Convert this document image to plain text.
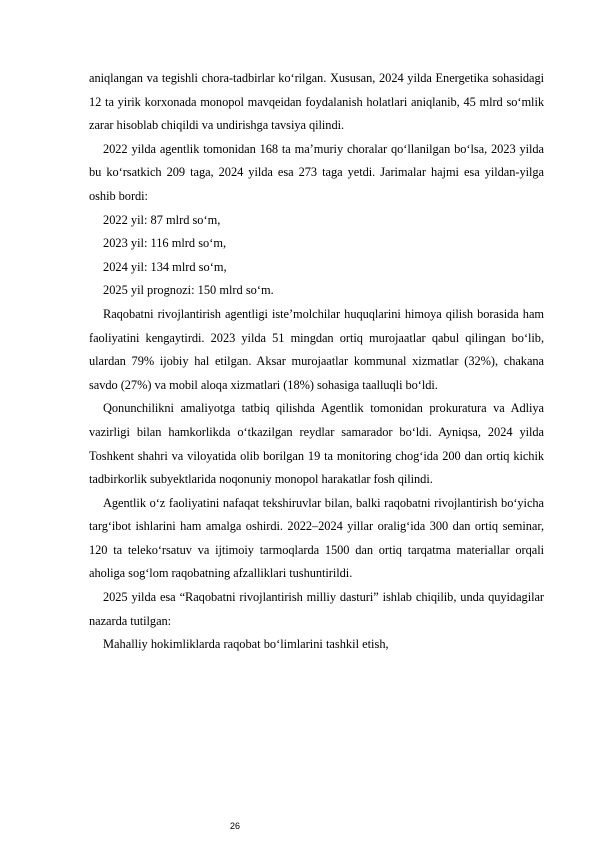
aniqlangan va tegishli chora-tadbirlar ko‘rilgan. Xususan, 2024 yilda Energetika sohasidagi 12 ta yirik korxonada monopol mavqeidan foydalanish holatlari aniqlanib, 45 mlrd so‘mlik zarar hisoblab chiqildi va undirishga tavsiya qilindi.

2022 yilda agentlik tomonidan 168 ta ma’muriy choralar qo‘llanilgan bo‘lsa, 2023 yilda bu ko‘rsatkich 209 taga, 2024 yilda esa 273 taga yetdi. Jarimalar hajmi esa yildan-yilga oshib bordi:

2022 yil: 87 mlrd so‘m,

2023 yil: 116 mlrd so‘m,

2024 yil: 134 mlrd so‘m,

2025 yil prognozi: 150 mlrd so‘m.

Raqobatni rivojlantirish agentligi iste’molchilar huquqlarini himoya qilish borasida ham faoliyatini kengaytirdi. 2023 yilda 51 mingdan ortiq murojaatlar qabul qilingan bo‘lib, ulardan 79% ijobiy hal etilgan. Aksar murojaatlar kommunal xizmatlar (32%), chakana savdo (27%) va mobil aloqa xizmatlari (18%) sohasiga taalluqli bo‘ldi.

Qonunchilikni amaliyotga tatbiq qilishda Agentlik tomonidan prokuratura va Adliya vazirligi bilan hamkorlikda o‘tkazilgan reydlar samarador bo‘ldi. Ayniqsa, 2024 yilda Toshkent shahri va viloyatida olib borilgan 19 ta monitoring chog‘ida 200 dan ortiq kichik tadbirkorlik subyektlarida noqonuniy monopol harakatlar fosh qilindi.

Agentlik o‘z faoliyatini nafaqat tekshiruvlar bilan, balki raqobatni rivojlantirish bo‘yicha targ‘ibot ishlarini ham amalga oshirdi. 2022–2024 yillar oralig‘ida 300 dan ortiq seminar, 120 ta teleko‘rsatuv va ijtimoiy tarmoqlarda 1500 dan ortiq tarqatma materiallar orqali aholiga sog‘lom raqobatning afzalliklari tushuntirildi.

2025 yilda esa “Raqobatni rivojlantirish milliy dasturi” ishlab chiqilib, unda quyidagilar nazarda tutilgan:

Mahalliy hokimliklarda raqobat bo‘limlarini tashkil etish,

26
